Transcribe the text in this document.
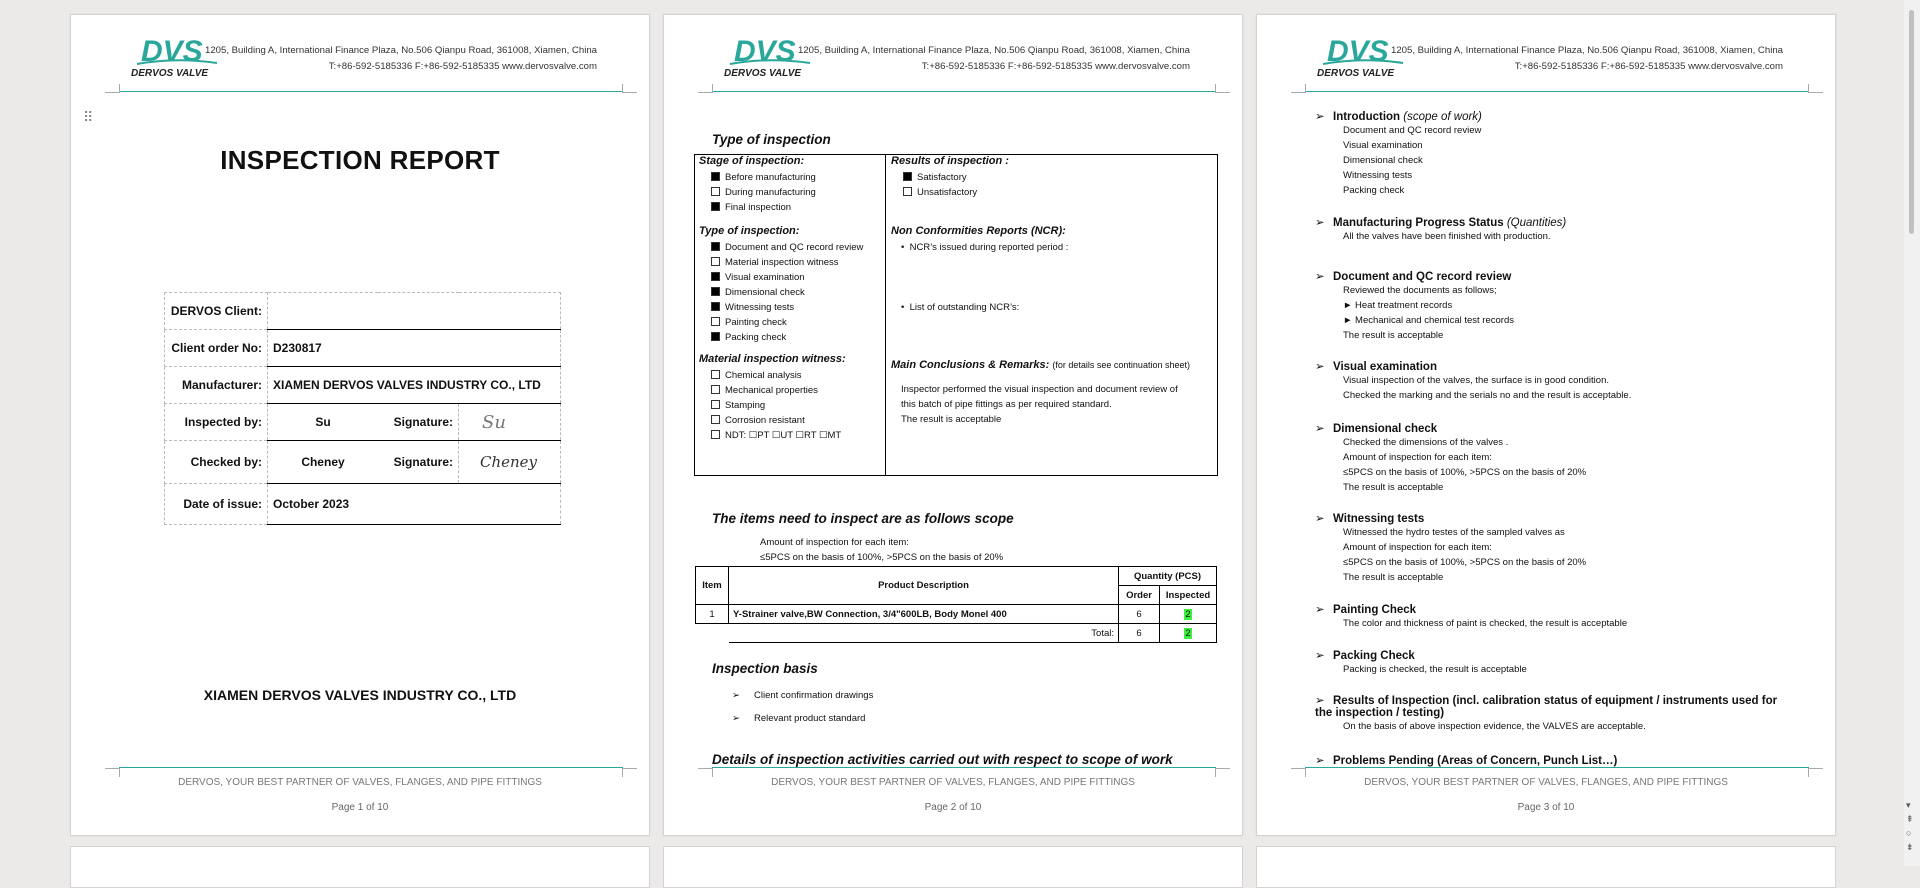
DVS
DERVOS VALVE
1205, Building A, International Finance Plaza, No.506 Qianpu Road, 361008, Xiamen, China
T:+86-592-5185336 F:+86-592-5185335 www.dervosvalve.com
⠿
INSPECTION REPORT
DERVOS Client:			
Client order No:	D230817		
Manufacturer:	XIAMEN DERVOS VALVES INDUSTRY CO., LTD		
Inspected by:	Su	Signature:	Su
Checked by:	Cheney	Signature:	Cheney
Date of issue:	October 2023		
XIAMEN DERVOS VALVES INDUSTRY CO., LTD
DERVOS, YOUR BEST PARTNER OF VALVES, FLANGES, AND PIPE FITTINGS
Page 1 of 10
DVS
DERVOS VALVE
1205, Building A, International Finance Plaza, No.506 Qianpu Road, 361008, Xiamen, China
T:+86-592-5185336 F:+86-592-5185335 www.dervosvalve.com
Type of inspection
Stage of inspection:
Before manufacturing
During manufacturing
Final inspection
Type of inspection:
Document and QC record review
Material inspection witness
Visual examination
Dimensional check
Witnessing tests
Painting check
Packing check
Material inspection witness:
Chemical analysis
Mechanical properties
Stamping
Corrosion resistant
NDT: ☐PT ☐UT ☐RT ☐MT
Results of inspection :
Satisfactory
Unsatisfactory
Non Conformities Reports (NCR):
•  NCR’s issued during reported period :
•  List of outstanding NCR’s:
Main Conclusions & Remarks: (for details see continuation sheet)
Inspector performed the visual inspection and document review of
this batch of pipe fittings as per required standard.
The result is acceptable
The items need to inspect are as follows scope
Amount of inspection for each item:
≤5PCS on the basis of 100%, >5PCS on the basis of 20%
Item	Product Description	Quantity (PCS)	
		Order	Inspected
1	Y-Strainer valve,BW Connection, 3/4"600LB, Body Monel 400	6	2
	Total:	6	2
Inspection basis
➢ Client confirmation drawings
➢ Relevant product standard
Details of inspection activities carried out with respect to scope of work
DERVOS, YOUR BEST PARTNER OF VALVES, FLANGES, AND PIPE FITTINGS
Page 2 of 10
DVS
DERVOS VALVE
1205, Building A, International Finance Plaza, No.506 Qianpu Road, 361008, Xiamen, China
T:+86-592-5185336 F:+86-592-5185335 www.dervosvalve.com
➢ Introduction (scope of work)
Document and QC record review
Visual examination
Dimensional check
Witnessing tests
Packing check
➢ Manufacturing Progress Status (Quantities)
All the valves have been finished with production.
➢ Document and QC record review
Reviewed the documents as follows;
► Heat treatment records
► Mechanical and chemical test records
The result is acceptable
➢ Visual examination
Visual inspection of the valves, the surface is in good condition.
Checked the marking and the serials no and the result is acceptable.
➢ Dimensional check
Checked the dimensions of the valves .
Amount of inspection for each item:
≤5PCS on the basis of 100%, >5PCS on the basis of 20%
The result is acceptable
➢ Witnessing tests
Witnessed the hydro testes of the sampled valves as
Amount of inspection for each item:
≤5PCS on the basis of 100%, >5PCS on the basis of 20%
The result is acceptable
➢ Painting Check
The color and thickness of paint is checked, the result is acceptable
➢ Packing Check
Packing is checked, the result is acceptable
➢ Results of Inspection (incl. calibration status of equipment / instruments used for the inspection / testing)
On the basis of above inspection evidence, the VALVES are acceptable.
➢ Problems Pending (Areas of Concern, Punch List…)
DERVOS, YOUR BEST PARTNER OF VALVES, FLANGES, AND PIPE FITTINGS
Page 3 of 10	▾
⇞
○
⇟
